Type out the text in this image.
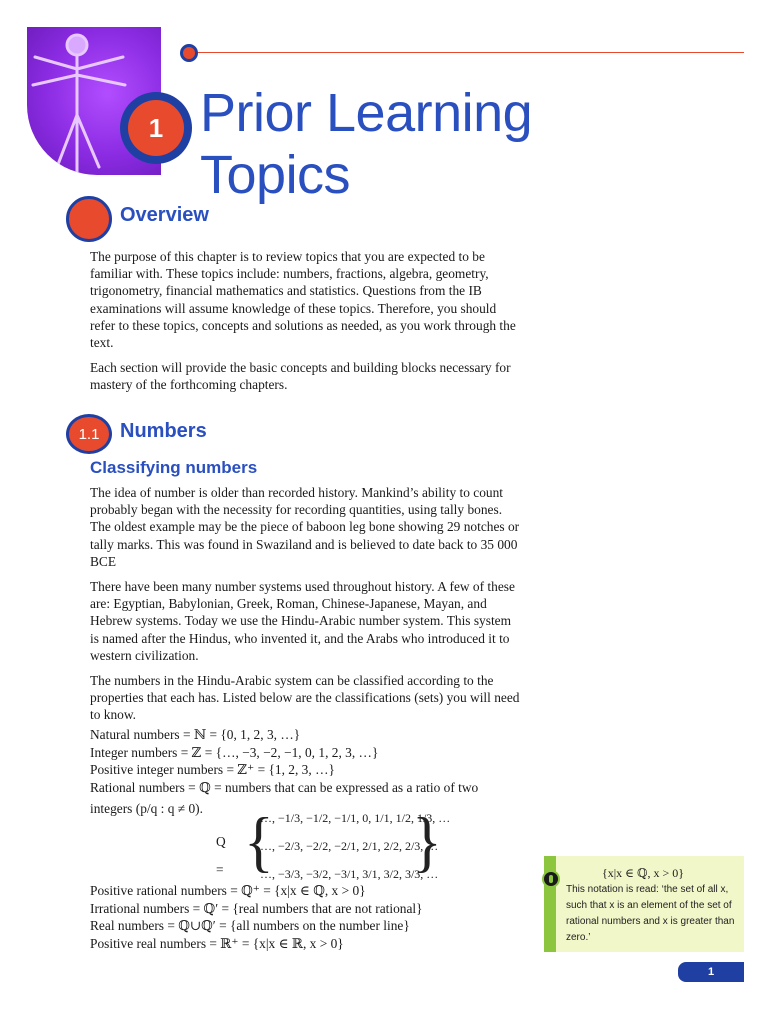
1 Prior Learning
Topics
Overview

The purpose of this chapter is to review topics that you are expected to be familiar with. These topics include: numbers, fractions, algebra, geometry, trigonometry, financial mathematics and statistics. Questions from the IB examinations will assume knowledge of these topics. Therefore, you should refer to these topics, concepts and solutions as needed, as you work through the text.

Each section will provide the basic concepts and building blocks necessary for mastery of the forthcoming chapters.

1.1	Numbers
Classifying numbers

The idea of number is older than recorded history. Mankind’s ability to count probably began with the necessity for recording quantities, using tally bones. The oldest example may be the piece of baboon leg bone showing 29 notches or tally marks. This was found in Swaziland and is believed to date back to 35 000 BCE

There have been many number systems used throughout history. A few of these are: Egyptian, Babylonian, Greek, Roman, Chinese-Japanese, Mayan, and Hebrew systems. Today we use the Hindu-Arabic number system. This system is named after the Hindus, who invented it, and the Arabs who introduced it to western civilization.

The numbers in the Hindu-Arabic system can be classified according to the properties that each has. Listed below are the classifications (sets) you will need to know.

Natural numbers = ℕ = {0, 1, 2, 3, …}
Integer numbers = ℤ = {…, −3, −2, −1, 0, 1, 2, 3, …}
Positive integer numbers = ℤ⁺ = {1, 2, 3, …}
Rational numbers = ℚ = numbers that can be expressed as a ratio of two
integers (p/q : q ≠ 0).
Q = {
…, −1/3, −1/2, −1/1, 0, 1/1, 1/2, 1/3, …
…, −2/3, −2/2, −2/1, 2/1, 2/2, 2/3, …
…, −3/3, −3/2, −3/1, 3/1, 3/2, 3/3, …
}
Positive rational numbers = ℚ⁺ = {x|x ∈ ℚ, x > 0}
Irrational numbers = ℚ′ = {real numbers that are not rational}
Real numbers = ℚ∪ℚ′ = {all numbers on the number line}
Positive real numbers = ℝ⁺ = {x|x ∈ ℝ, x > 0}
{x|x ∈ ℚ, x > 0}
This notation is read: ‘the set of all x, such that x is an element of the set of rational numbers and x is greater than zero.’
1
